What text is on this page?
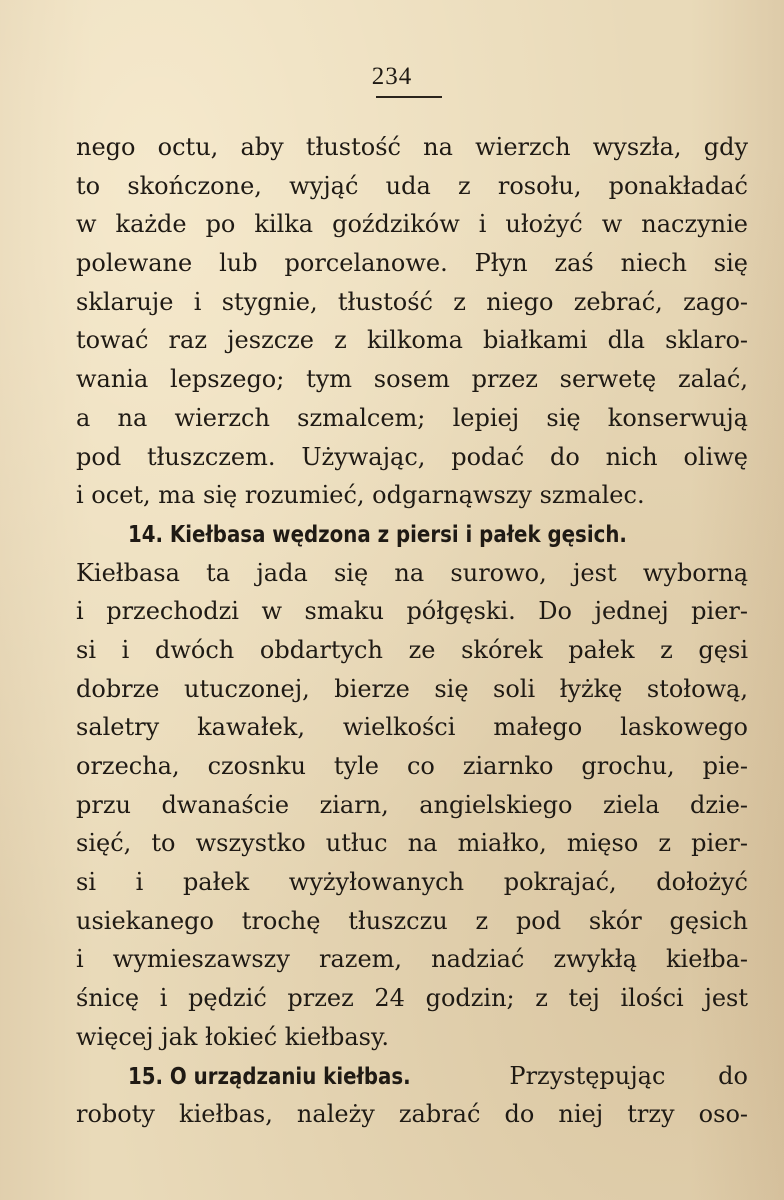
234
nego octu, aby tłustość na wierzch wyszła, gdy
to skończone, wyjąć uda z rosołu, ponakładać
w każde po kilka goździków i ułożyć w naczynie
polewane lub porcelanowe. Płyn zaś niech się
sklaruje i stygnie, tłustość z niego zebrać, zago-
tować raz jeszcze z kilkoma białkami dla sklaro-
wania lepszego; tym sosem przez serwetę zalać,
a na wierzch szmalcem; lepiej się konserwują
pod tłuszczem. Używając, podać do nich oliwę
i ocet, ma się rozumieć, odgarnąwszy szmalec.
14. Kiełbasa wędzona z piersi i pałek gęsich.
Kiełbasa ta jada się na surowo, jest wyborną
i przechodzi w smaku półgęski. Do jednej pier-
si i dwóch obdartych ze skórek pałek z gęsi
dobrze utuczonej, bierze się soli łyżkę stołową,
saletry kawałek, wielkości małego laskowego
orzecha, czosnku tyle co ziarnko grochu, pie-
przu dwanaście ziarn, angielskiego ziela dzie-
sięć, to wszystko utłuc na miałko, mięso z pier-
si i pałek wyżyłowanych pokrajać, dołożyć
usiekanego trochę tłuszczu z pod skór gęsich
i wymieszawszy razem, nadziać zwykłą kiełba-
śnicę i pędzić przez 24 godzin; z tej ilości jest
więcej jak łokieć kiełbasy.
15. O urządzaniu kiełbas.	Przystępując do
roboty kiełbas, należy zabrać do niej trzy oso-
